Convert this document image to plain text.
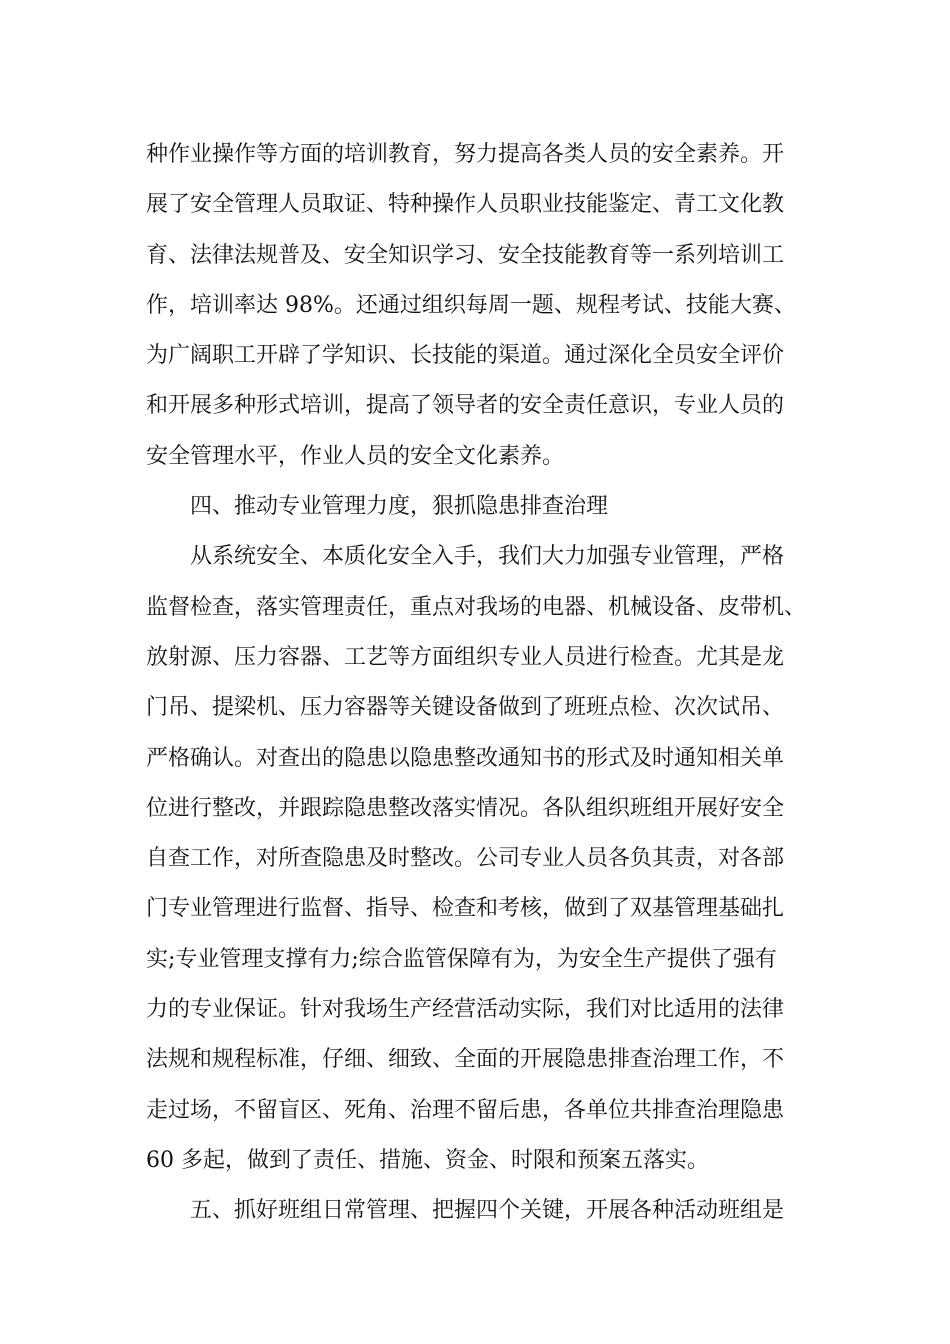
种作业操作等方面的培训教育，努力提高各类人员的安全素养。开
展了安全管理人员取证、特种操作人员职业技能鉴定、青工文化教
育、法律法规普及、安全知识学习、安全技能教育等一系列培训工
作，培训率达 98%。还通过组织每周一题、规程考试、技能大赛、
为广阔职工开辟了学知识、长技能的渠道。通过深化全员安全评价
和开展多种形式培训，提高了领导者的安全责任意识，专业人员的
安全管理水平，作业人员的安全文化素养。
四、推动专业管理力度，狠抓隐患排查治理
从系统安全、本质化安全入手，我们大力加强专业管理，严格
监督检查，落实管理责任，重点对我场的电器、机械设备、皮带机、
放射源、压力容器、工艺等方面组织专业人员进行检查。尤其是龙
门吊、提梁机、压力容器等关键设备做到了班班点检、次次试吊、
严格确认。对查出的隐患以隐患整改通知书的形式及时通知相关单
位进行整改，并跟踪隐患整改落实情况。各队组织班组开展好安全
自查工作，对所查隐患及时整改。公司专业人员各负其责，对各部
门专业管理进行监督、指导、检查和考核，做到了双基管理基础扎
实;专业管理支撑有力;综合监管保障有为，为安全生产提供了强有
力的专业保证。针对我场生产经营活动实际，我们对比适用的法律
法规和规程标准，仔细、细致、全面的开展隐患排查治理工作，不
走过场，不留盲区、死角、治理不留后患，各单位共排查治理隐患
60 多起，做到了责任、措施、资金、时限和预案五落实。
五、抓好班组日常管理、把握四个关键，开展各种活动班组是
